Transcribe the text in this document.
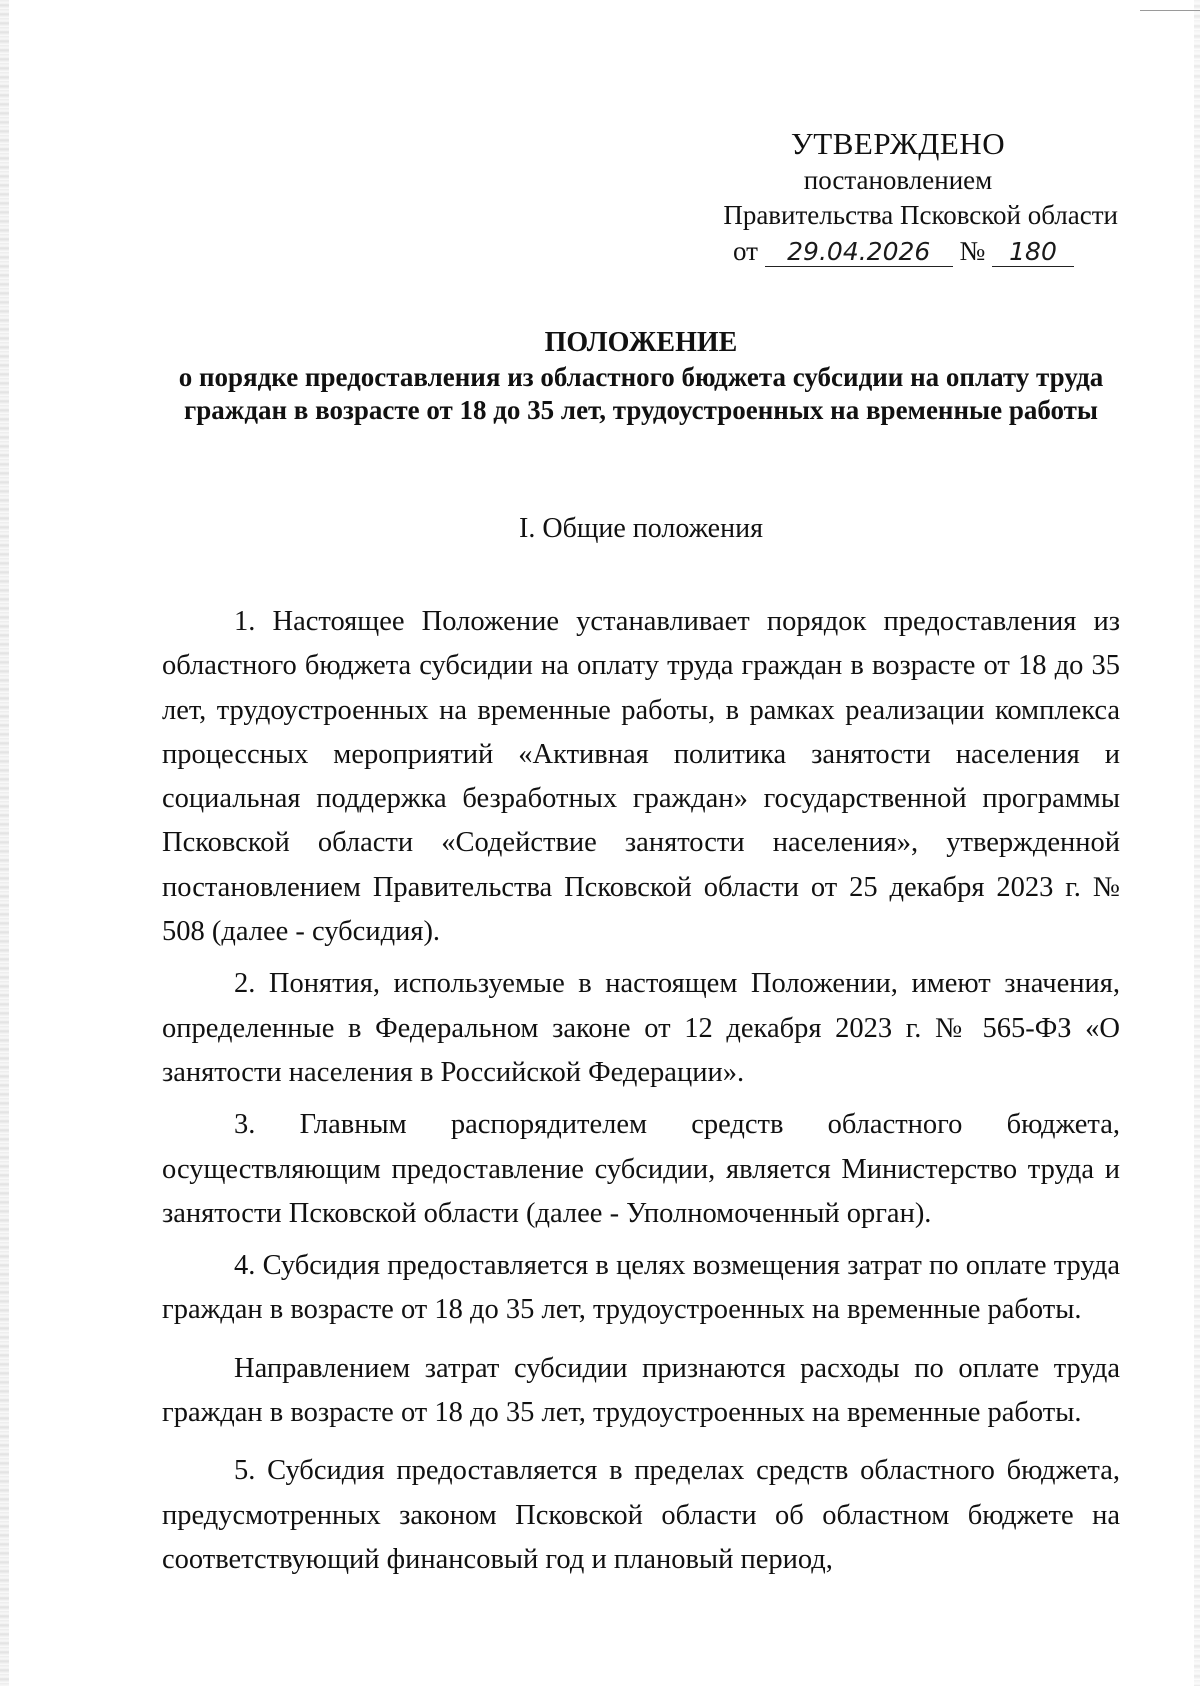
УТВЕРЖДЕНО
постановлением
Правительства Псковской области
от 29.04.2026 № 180
ПОЛОЖЕНИЕ
о порядке предоставления из областного бюджета субсидии на оплату труда граждан в возрасте от 18 до 35 лет, трудоустроенных на временные работы
I. Общие положения

1. Настоящее Положение устанавливает порядок предоставления из областного бюджета субсидии на оплату труда граждан в возрасте от 18 до 35 лет, трудоустроенных на временные работы, в рамках реализации комплекса процессных мероприятий «Активная политика занятости населения и социальная поддержка безработных граждан» государственной программы Псковской области «Содействие занятости населения», утвержденной постановлением Правительства Псковской области от 25 декабря 2023 г. № 508 (далее - субсидия).

2. Понятия, используемые в настоящем Положении, имеют значения, определенные в Федеральном законе от 12 декабря 2023 г. № 565-ФЗ «О занятости населения в Российской Федерации».

3. Главным распорядителем средств областного бюджета, осуществляющим предоставление субсидии, является Министерство труда и занятости Псковской области (далее - Уполномоченный орган).

4. Субсидия предоставляется в целях возмещения затрат по оплате труда граждан в возрасте от 18 до 35 лет, трудоустроенных на временные работы.

Направлением затрат субсидии признаются расходы по оплате труда граждан в возрасте от 18 до 35 лет, трудоустроенных на временные работы.

5. Субсидия предоставляется в пределах средств областного бюджета, предусмотренных законом Псковской области об областном бюджете на соответствующий финансовый год и плановый период,
